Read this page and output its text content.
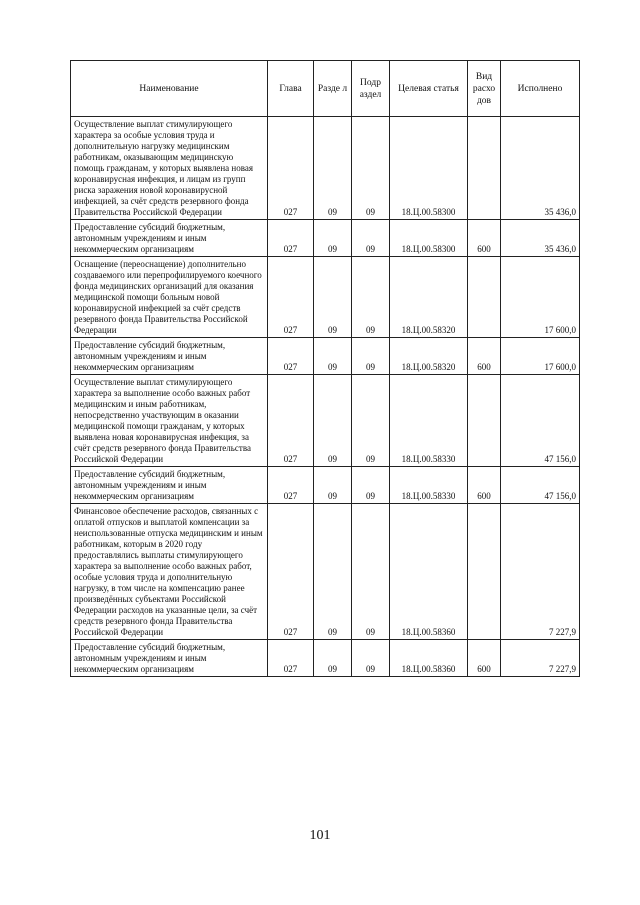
Наименование	Глава	Разде л	Подр аздел	Целевая статья	Вид расхо дов	Исполнено
Осуществление выплат стимулирующего характера за особые условия труда и дополнительную нагрузку медицинским работникам, оказывающим медицинскую помощь гражданам, у которых выявлена новая коронавирусная инфекция, и лицам из групп риска заражения новой коронавирусной инфекцией, за счёт средств резервного фонда Правительства Российской Федерации	027	09	09	18.Ц.00.58300		35 436,0
Предоставление субсидий бюджетным, автономным учреждениям и иным некоммерческим организациям	027	09	09	18.Ц.00.58300	600	35 436,0
Оснащение (переоснащение) дополнительно создаваемого или перепрофилируемого коечного фонда медицинских организаций для оказания медицинской помощи больным новой коронавирусной инфекцией за счёт средств резервного фонда Правительства Российской Федерации	027	09	09	18.Ц.00.58320		17 600,0
Предоставление субсидий бюджетным, автономным учреждениям и иным некоммерческим организациям	027	09	09	18.Ц.00.58320	600	17 600,0
Осуществление выплат стимулирующего характера за выполнение особо важных работ медицинским и иным работникам, непосредственно участвующим в оказании медицинской помощи гражданам, у которых выявлена новая коронавирусная инфекция, за счёт средств резервного фонда Правительства Российской Федерации	027	09	09	18.Ц.00.58330		47 156,0
Предоставление субсидий бюджетным, автономным учреждениям и иным некоммерческим организациям	027	09	09	18.Ц.00.58330	600	47 156,0
Финансовое обеспечение расходов, связанных с оплатой отпусков и выплатой компенсации за неиспользованные отпуска медицинским и иным работникам, которым в 2020 году предоставлялись выплаты стимулирующего характера за выполнение особо важных работ, особые условия труда и дополнительную нагрузку, в том числе на компенсацию ранее произведённых субъектами Российской Федерации расходов на указанные цели, за счёт средств резервного фонда Правительства Российской Федерации	027	09	09	18.Ц.00.58360		7 227,9
Предоставление субсидий бюджетным, автономным учреждениям и иным некоммерческим организациям	027	09	09	18.Ц.00.58360	600	7 227,9
101
